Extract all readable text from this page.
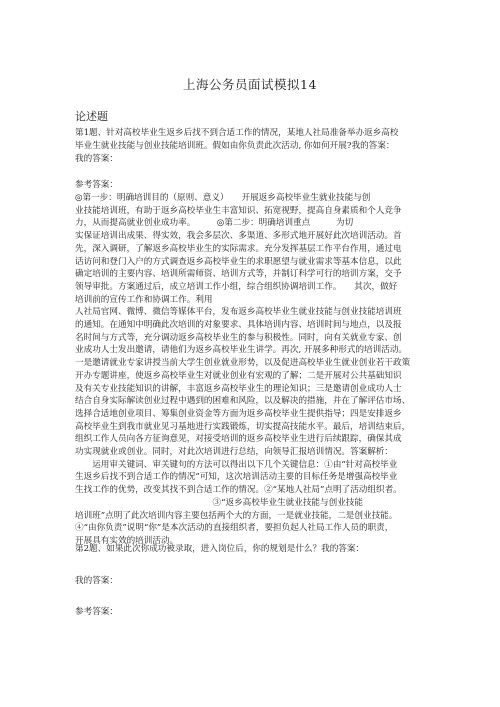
上海公务员面试模拟14
论述题
第1题、针对高校毕业生返乡后找不到合适工作的情况，某地人社局准备举办返乡高校
毕业生就业技能与创业技能培训班。假如由你负责此次活动, 你如何开展?我的答案：
我的答案：
参考答案：
◎第一步：明确培训目的（原则、意义）　　开展返乡高校毕业生就业技能与创
业技能培训班，有助于返乡高校毕业生丰富知识、拓宽视野，提高自身素质和个人竞争
力，从而提高就业创业成功率。　　　◎第二步：明确培训重点　　　为切
实保证培训出成果、得实效，我会多层次、多渠道、多形式地开展好此次培训活动。首
先，深入调研，了解返乡高校毕业生的实际需求。充分发挥基层工作平台作用，通过电
话访问和登门入户的方式调查返乡高校毕业生的求职愿望与就业需求等基本信息，以此
确定培训的主要内容、培训所需师资、培训方式等，并制订科学可行的培训方案，交予
领导审批。方案通过后，成立培训工作小组，综合组织协调培训工作。　　其次，做好
培训前的宣传工作和协调工作。利用
人社局官网、微博、微信等媒体平台，发布返乡高校毕业生就业技能与创业技能培训班
的通知。在通知中明确此次培训的对象要求、具体培训内容、培训时间与地点，以及报
名时间与方式等，充分调动返乡高校毕业生的参与积极性。同时，向有关就业专家、创
业成功人士发出邀请，请他们为返乡高校毕业生讲学。再次, 开展多种形式的培训活动。
一是邀请就业专家讲授当前大学生创业就业形势，以及促进高校毕业生就业创业若干政策
开办专题讲座，使返乡高校毕业生对就业创业有宏观的了解；二是开展对公共基础知识
及有关专业技能知识的讲解，丰富返乡高校毕业生的理论知识；三是邀请创业成功人士
结合自身实际解读创业过程中遇到的困难和风险，以及解决的措施，并在了解评估市场、
选择合适地创业项目、筹集创业资金等方面为返乡高校毕业生提供指导；四是安排返乡
高校毕业生到我市就业见习基地进行实践锻炼，切实提高技能水平。最后，培训结束后，
组织工作人员向各方征询意见，对接受培训的返乡高校毕业生进行后续跟踪，确保其成
功实现就业或创业。同时，对此次培训进行总结，向领导汇报培训情况。答案解析：
　　运用审关键词、审关键句的方法可以得出以下几个关键信息：①由“针对高校毕业
生返乡后找不到合适工作的情况”可知，这次培训活动主要的目标任务是增强高校毕业
生找工作的优势，改变其找不到合适工作的情况。②“某地人社局”点明了活动组织者。
　　　　　　　　　　　　　　　　③“返乡高校毕业生就业技能与创业技能
培训班”点明了此次培训内容主要包括两个大的方面，一是就业技能，二是创业技能。
④“由你负责”说明“你”是本次活动的直接组织者，要担负起人社局工作人员的职责，
开展具有实效的培训活动。
第2题、如果此次你成功被录取，进入岗位后，你的规划是什么？我的答案：
我的答案：
参考答案：
